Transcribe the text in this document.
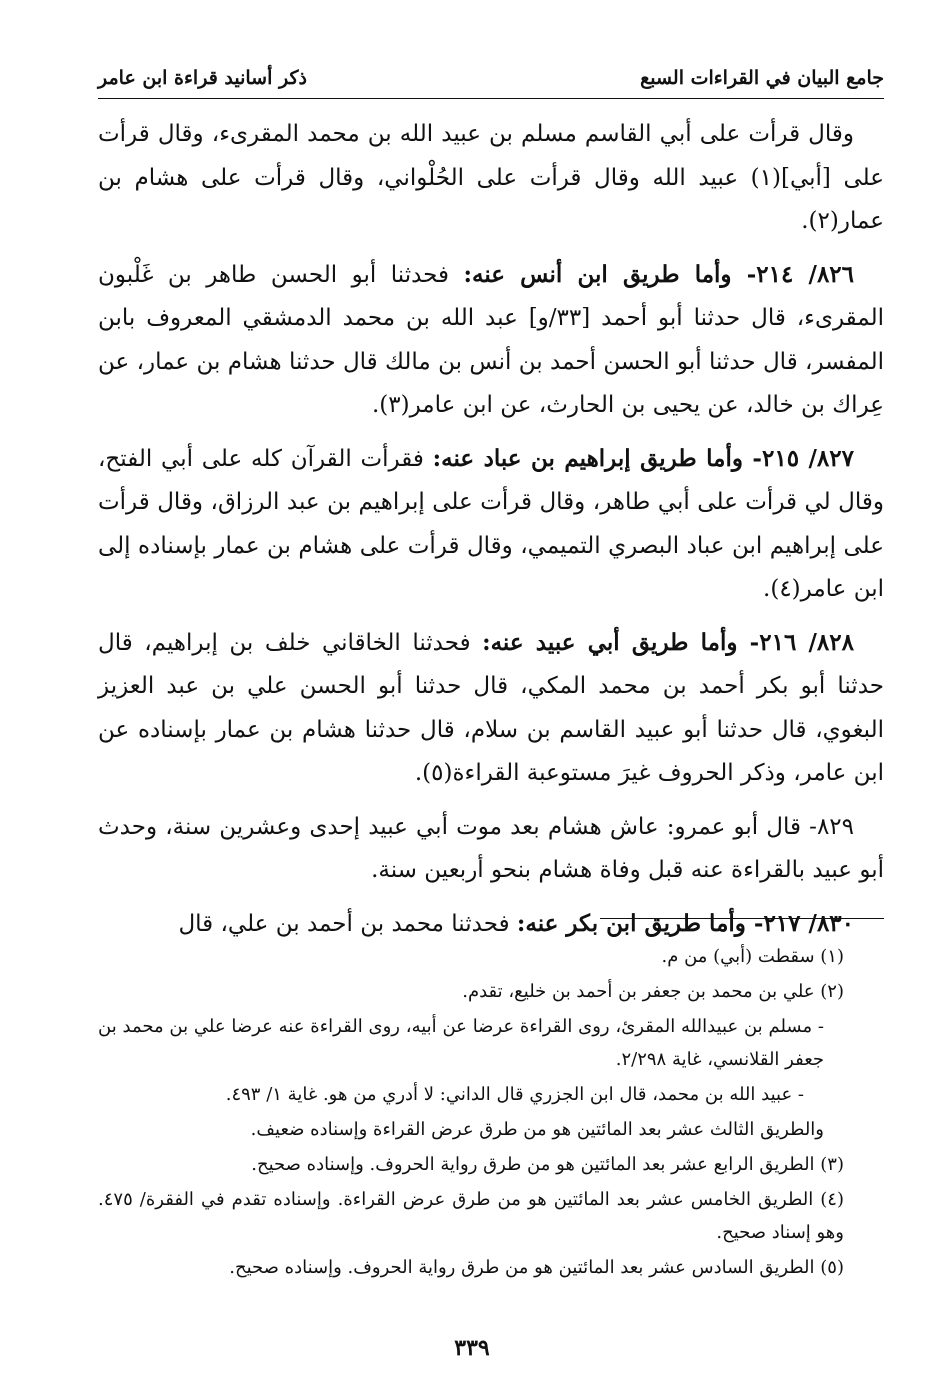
جامع البيان في القراءات السبع
ذكر أسانيد قراءة ابن عامر

وقال قرأت على أبي القاسم مسلم بن عبيد الله بن محمد المقرىء، وقال قرأت على [أبي](١) عبيد الله وقال قرأت على الحُلْواني، وقال قرأت على هشام بن عمار(٢).

٨٢٦/ ٢١٤- وأما طريق ابن أنس عنه: فحدثنا أبو الحسن طاهر بن غَلْبون المقرىء، قال حدثنا أبو أحمد [٣٣/و] عبد الله بن محمد الدمشقي المعروف بابن المفسر، قال حدثنا أبو الحسن أحمد بن أنس بن مالك قال حدثنا هشام بن عمار، عن عِراك بن خالد، عن يحيى بن الحارث، عن ابن عامر(٣).

٨٢٧/ ٢١٥- وأما طريق إبراهيم بن عباد عنه: فقرأت القرآن كله على أبي الفتح، وقال لي قرأت على أبي طاهر، وقال قرأت على إبراهيم بن عبد الرزاق، وقال قرأت على إبراهيم ابن عباد البصري التميمي، وقال قرأت على هشام بن عمار بإسناده إلى ابن عامر(٤).

٨٢٨/ ٢١٦- وأما طريق أبي عبيد عنه: فحدثنا الخاقاني خلف بن إبراهيم، قال حدثنا أبو بكر أحمد بن محمد المكي، قال حدثنا أبو الحسن علي بن عبد العزيز البغوي، قال حدثنا أبو عبيد القاسم بن سلام، قال حدثنا هشام بن عمار بإسناده عن ابن عامر، وذكر الحروف غيرَ مستوعبة القراءة(٥).

٨٢٩- قال أبو عمرو: عاش هشام بعد موت أبي عبيد إحدى وعشرين سنة، وحدث أبو عبيد بالقراءة عنه قبل وفاة هشام بنحو أربعين سنة.

٨٣٠/ ٢١٧- وأما طريق ابن بكر عنه: فحدثنا محمد بن أحمد بن علي، قال

(١) سقطت (أبي) من م.

(٢) علي بن محمد بن جعفر بن أحمد بن خليع، تقدم.

- مسلم بن عبيدالله المقرئ، روى القراءة عرضا عن أبيه، روى القراءة عنه عرضا علي بن محمد بن جعفر القلانسي، غاية ٢/٢٩٨.

- عبيد الله بن محمد، قال ابن الجزري قال الداني: لا أدري من هو. غاية ١/ ٤٩٣.

والطريق الثالث عشر بعد المائتين هو من طرق عرض القراءة وإسناده ضعيف.

(٣) الطريق الرابع عشر بعد المائتين هو من طرق رواية الحروف. وإسناده صحيح.

(٤) الطريق الخامس عشر بعد المائتين هو من طرق عرض القراءة. وإسناده تقدم في الفقرة/ ٤٧٥. وهو إسناد صحيح.

(٥) الطريق السادس عشر بعد المائتين هو من طرق رواية الحروف. وإسناده صحيح.

٣٣٩
